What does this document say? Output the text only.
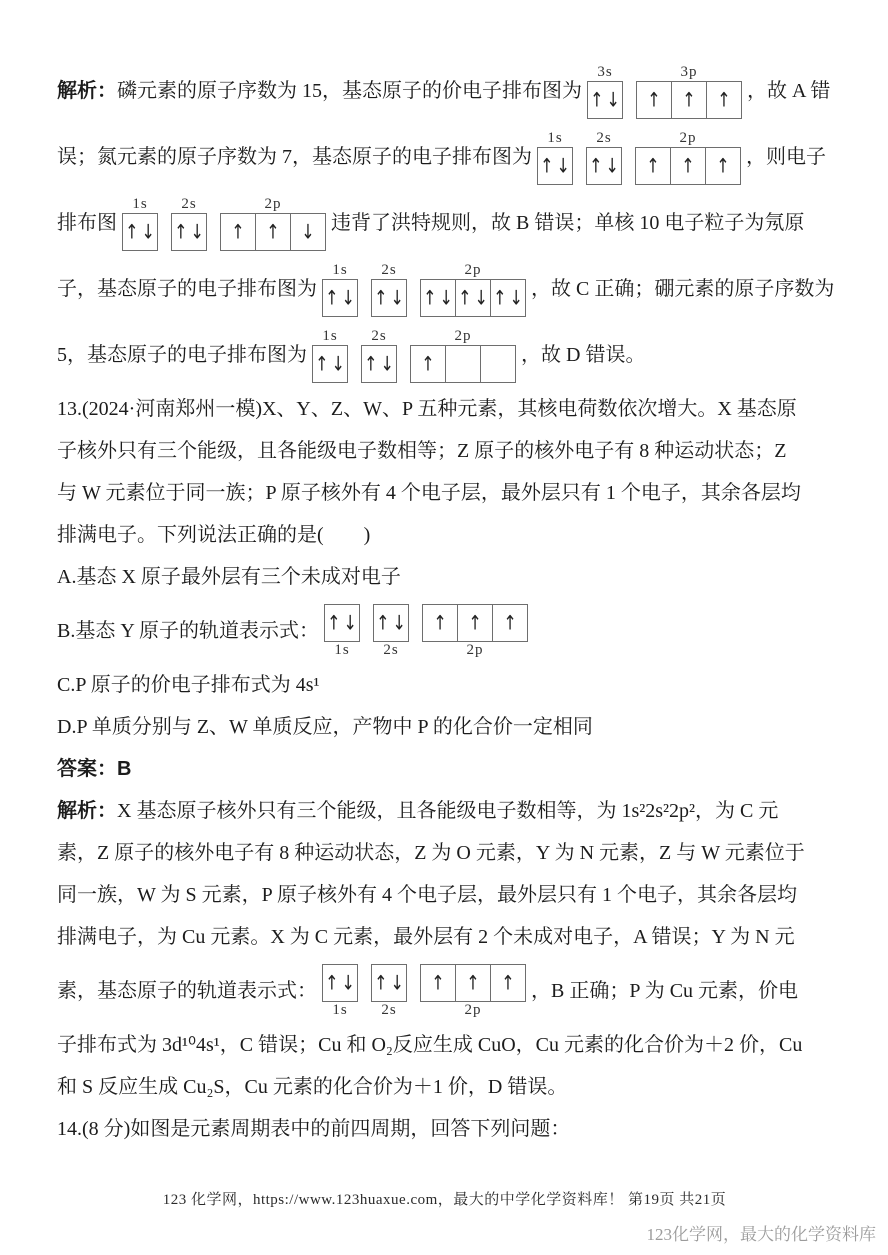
解析： 磷元素的原子序数为 15，基态原子的价电子排布图为
3s
↑ ↓
3p
↑ ↑ ↑ ，故 A 错
误；氮元素的原子序数为 7，基态原子的电子排布图为
1s
↑ ↓
2s
↑ ↓
2p
↑ ↑ ↑ ，则电子
排布图
1s
↑ ↓
2s
↑ ↓
2p
↑ ↑ ↓ 违背了洪特规则，故 B 错误；单核 10 电子粒子为氖原
子，基态原子的电子排布图为
1s
↑ ↓
2s
↑ ↓
2p
↑ ↓ ↑ ↓ ↑ ↓ ，故 C 正确；硼元素的原子序数为
5，基态原子的电子排布图为
1s
↑ ↓
2s
↑ ↓
2p
↑	，故 D 错误。
13.(2024·河南郑州一模)X、Y、Z、W、P 五种元素，其核电荷数依次增大。X 基态原
子核外只有三个能级，且各能级电子数相等；Z 原子的核外电子有 8 种运动状态；Z
与 W 元素位于同一族；P 原子核外有 4 个电子层，最外层只有 1 个电子，其余各层均
排满电子。下列说法正确的是(　　)
A.基态 X 原子最外层有三个未成对电子
B.基态 Y 原子的轨道表示式： ↑ ↓
1s
↑ ↓
2s
↑ ↑ ↑
2p
C.P 原子的价电子排布式为 4s¹
D.P 单质分别与 Z、W 单质反应，产物中 P 的化合价一定相同
答案：B
解析： X 基态原子核外只有三个能级，且各能级电子数相等，为 1s²2s²2p²，为 C 元
素，Z 原子的核外电子有 8 种运动状态，Z 为 O 元素，Y 为 N 元素，Z 与 W 元素位于
同一族，W 为 S 元素，P 原子核外有 4 个电子层，最外层只有 1 个电子，其余各层均
排满电子，为 Cu 元素。X 为 C 元素，最外层有 2 个未成对电子，A 错误；Y 为 N 元
素，基态原子的轨道表示式： ↑ ↓
1s
↑ ↓
2s
↑ ↑ ↑
2p
，B 正确；P 为 Cu 元素，价电
子排布式为 3d¹⁰4s¹，C 错误；Cu 和 O₂反应生成 CuO，Cu 元素的化合价为＋2 价，Cu
和 S 反应生成 Cu₂S，Cu 元素的化合价为＋1 价，D 错误。
14.(8 分)如图是元素周期表中的前四周期，回答下列问题：
123 化学网，https://www.123huaxue.com，最大的中学化学资料库！ 第19页 共21页
123化学网，最大的化学资料库
